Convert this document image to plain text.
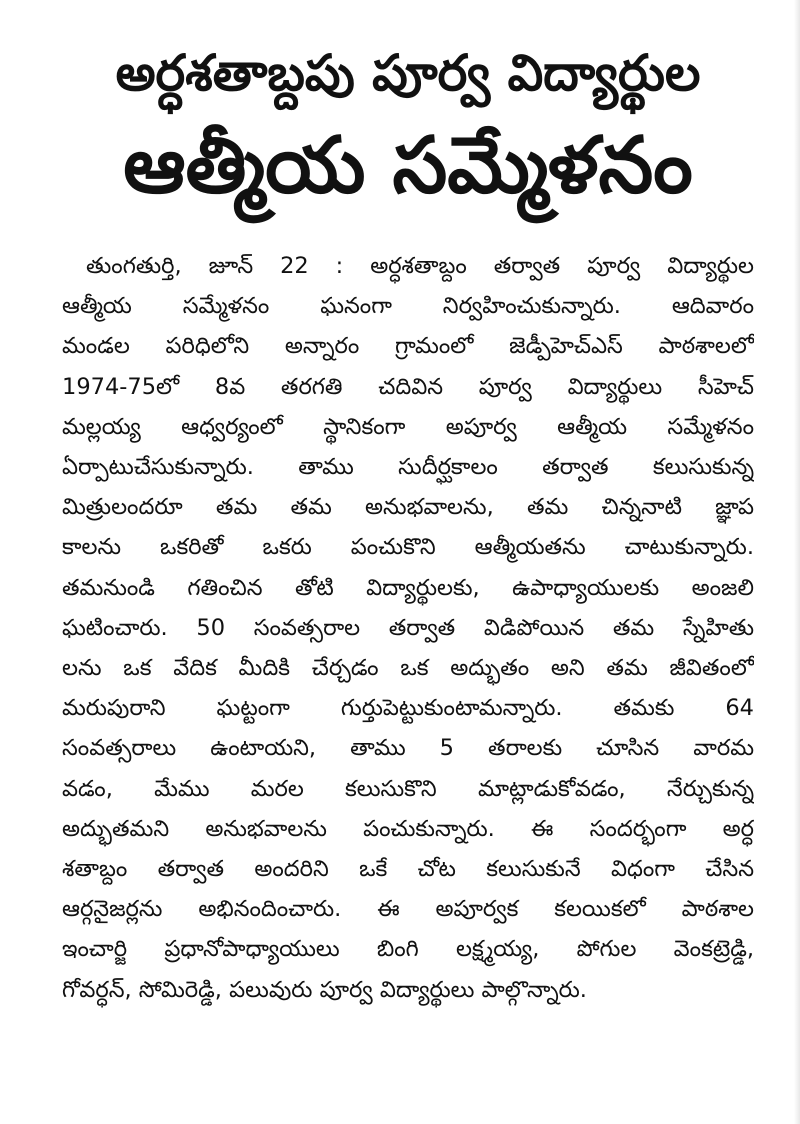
అర్ధశతాబ్దపు పూర్వ విద్యార్థుల
ఆత్మీయ సమ్మేళనం
తుంగతుర్తి, జూన్ 22 : అర్ధశతాబ్దం తర్వాత పూర్వ విద్యార్థుల
ఆత్మీయ సమ్మేళనం ఘనంగా నిర్వహించుకున్నారు. ఆదివారం
మండల పరిధిలోని అన్నారం గ్రామంలో జెడ్పీహెచ్ఎస్ పాఠశాలలో
1974-75లో 8వ తరగతి చదివిన పూర్వ విద్యార్థులు సీహెచ్
మల్లయ్య ఆధ్వర్యంలో స్థానికంగా అపూర్వ ఆత్మీయ సమ్మేళనం
ఏర్పాటుచేసుకున్నారు. తాము సుదీర్ఘకాలం తర్వాత కలుసుకున్న
మిత్రులందరూ తమ తమ అనుభవాలను, తమ చిన్ననాటి జ్ఞాప
కాలను ఒకరితో ఒకరు పంచుకొని ఆత్మీయతను చాటుకున్నారు.
తమనుండి గతించిన తోటి విద్యార్థులకు, ఉపాధ్యాయులకు అంజలి
ఘటించారు. 50 సంవత్సరాల తర్వాత విడిపోయిన తమ స్నేహితు
లను ఒక వేదిక మీదికి చేర్చడం ఒక అద్భుతం అని తమ జీవితంలో
మరుపురాని ఘట్టంగా గుర్తుపెట్టుకుంటామన్నారు. తమకు 64
సంవత్సరాలు ఉంటాయని, తాము 5 తరాలకు చూసిన వారమ
వడం, మేము మరల కలుసుకొని మాట్లాడుకోవడం, నేర్చుకున్న
అద్భుతమని అనుభవాలను పంచుకున్నారు. ఈ సందర్భంగా అర్ధ
శతాబ్దం తర్వాత అందరిని ఒకే చోట కలుసుకునే విధంగా చేసిన
ఆర్గనైజర్లను అభినందించారు. ఈ అపూర్వక కలయికలో పాఠశాల
ఇంచార్జి ప్రధానోపాధ్యాయులు బింగి లక్ష్మయ్య, పోగుల వెంకట్రెడ్డి,
గోవర్ధన్, సోమిరెడ్డి, పలువురు పూర్వ విద్యార్థులు పాల్గొన్నారు.
